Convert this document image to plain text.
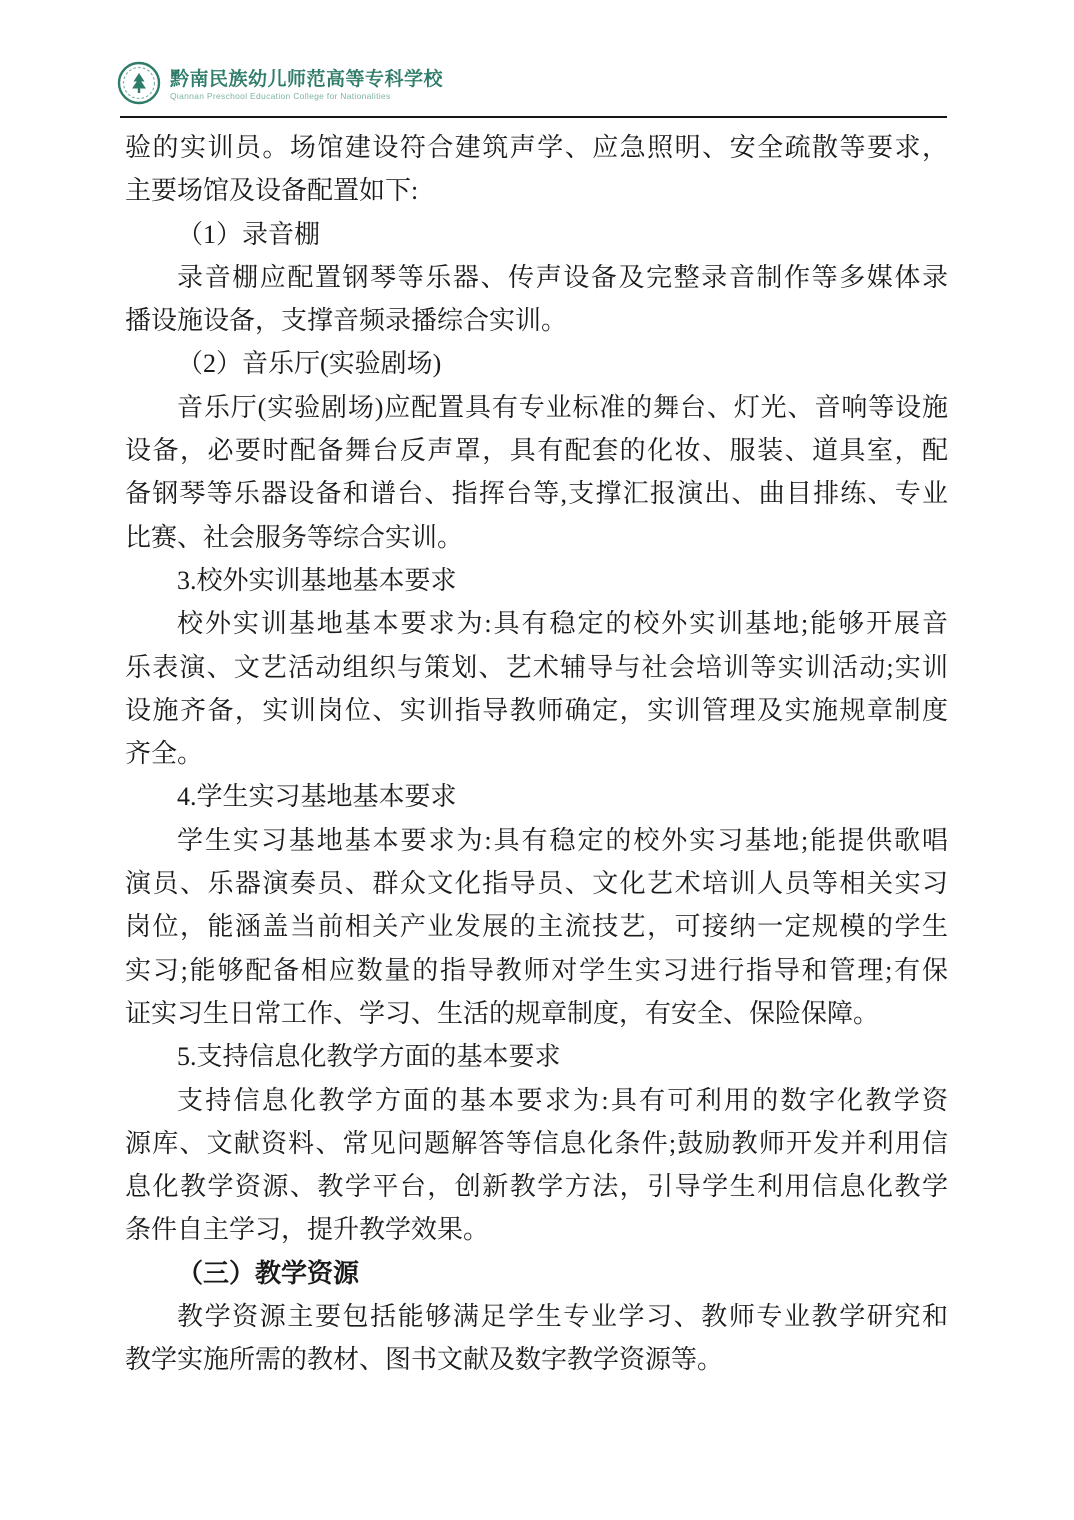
黔南民族幼儿师范高等专科学校
Qiannan Preschool Education College for Nationalities
验的实训员。场馆建设符合建筑声学、应急照明、安全疏散等要求，
主要场馆及设备配置如下:
（1）录音棚
录音棚应配置钢琴等乐器、传声设备及完整录音制作等多媒体录
播设施设备，支撑音频录播综合实训。
（2）音乐厅(实验剧场)
音乐厅(实验剧场)应配置具有专业标准的舞台、灯光、音响等设施
设备，必要时配备舞台反声罩，具有配套的化妆、服装、道具室，配
备钢琴等乐器设备和谱台、指挥台等,支撑汇报演出、曲目排练、专业
比赛、社会服务等综合实训。
3.校外实训基地基本要求
校外实训基地基本要求为:具有稳定的校外实训基地;能够开展音
乐表演、文艺活动组织与策划、艺术辅导与社会培训等实训活动;实训
设施齐备，实训岗位、实训指导教师确定，实训管理及实施规章制度
齐全。
4.学生实习基地基本要求
学生实习基地基本要求为:具有稳定的校外实习基地;能提供歌唱
演员、乐器演奏员、群众文化指导员、文化艺术培训人员等相关实习
岗位，能涵盖当前相关产业发展的主流技艺，可接纳一定规模的学生
实习;能够配备相应数量的指导教师对学生实习进行指导和管理;有保
证实习生日常工作、学习、生活的规章制度，有安全、保险保障。
5.支持信息化教学方面的基本要求
支持信息化教学方面的基本要求为:具有可利用的数字化教学资
源库、文献资料、常见问题解答等信息化条件;鼓励教师开发并利用信
息化教学资源、教学平台，创新教学方法，引导学生利用信息化教学
条件自主学习，提升教学效果。
（三）教学资源
教学资源主要包括能够满足学生专业学习、教师专业教学研究和
教学实施所需的教材、图书文献及数字教学资源等。
